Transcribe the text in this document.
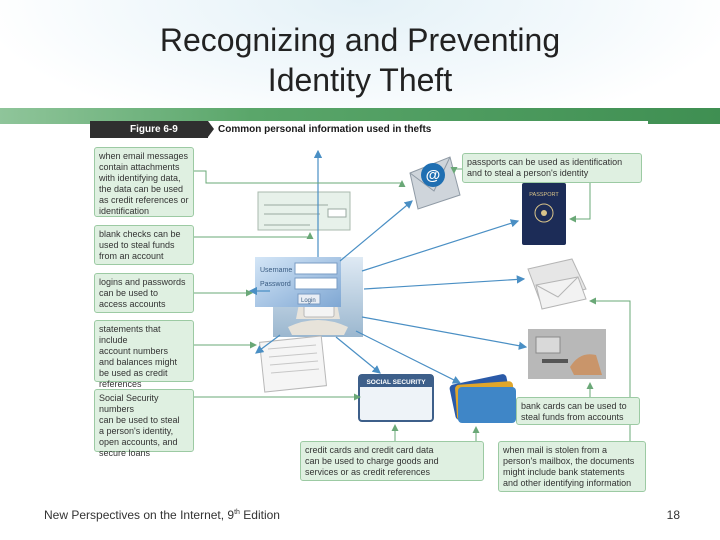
Recognizing and Preventing
Identity Theft
Figure 6-9	Common personal information used in thefts
@
Username
Password
Login
SOCIAL SECURITY
PASSPORT
when email messages
contain attachments
with identifying data,
the data can be used
as credit references or
identification
blank checks can be
used to steal funds
from an account
logins and passwords
can be used to
access accounts
statements that include
account numbers
and balances might
be used as credit
references
Social Security numbers
can be used to steal
a person's identity,
open accounts, and
secure loans
passports can be used as identification
and to steal a person's identity
bank cards can be used to
steal funds from accounts
credit cards and credit card data
can be used to charge goods and
services or as credit references
when mail is stolen from a
person's mailbox, the documents
might include bank statements
and other identifying information
New Perspectives on the Internet, 9th Edition	18
